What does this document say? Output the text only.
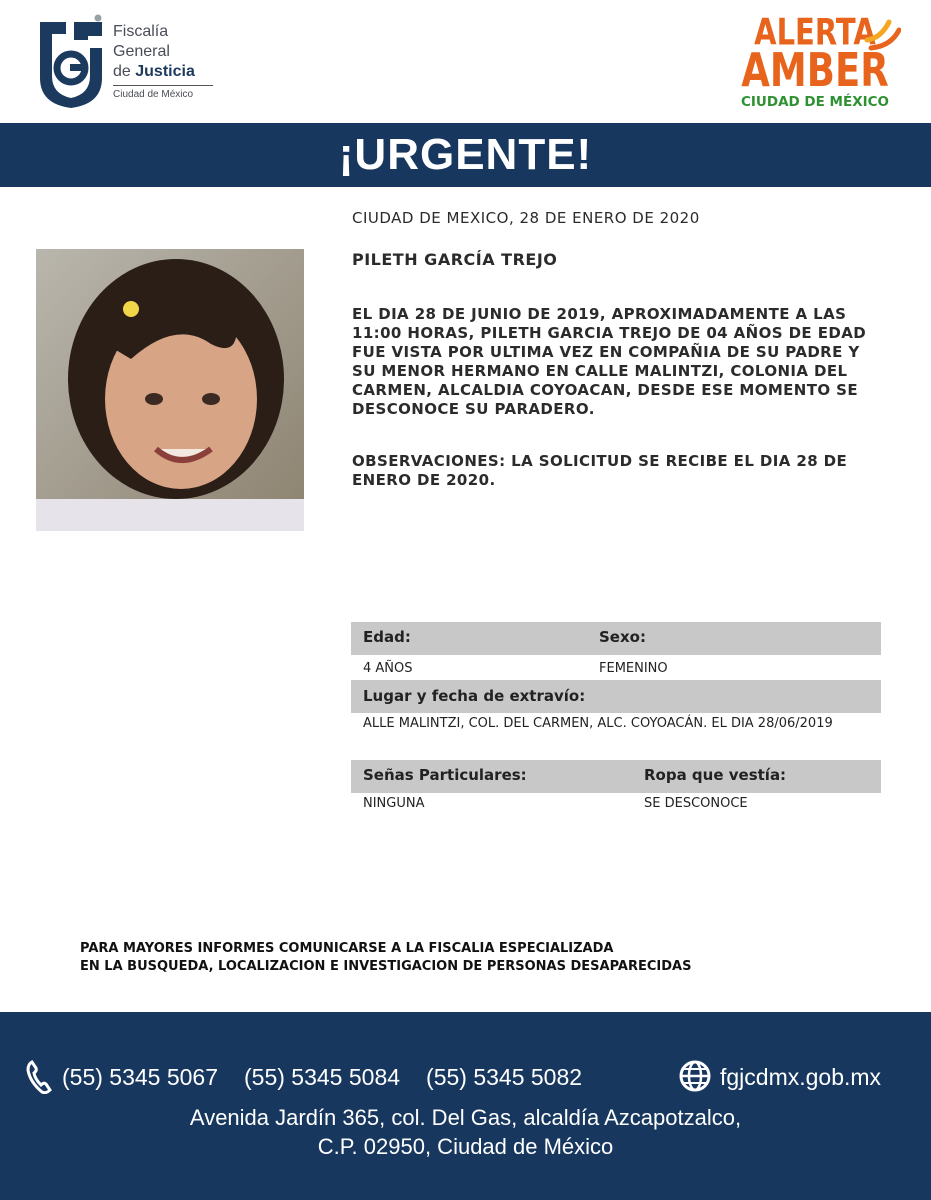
Fiscalía
General
de Justicia
Ciudad de México
ALERTA
AMBER
CIUDAD DE MÉXICO
¡URGENTE!
CIUDAD DE MEXICO, 28 DE ENERO DE 2020
PILETH GARCÍA TREJO
EL DIA 28 DE JUNIO DE 2019, APROXIMADAMENTE A LAS 11:00 HORAS, PILETH GARCIA TREJO DE 04 AÑOS DE EDAD FUE VISTA POR ULTIMA VEZ EN COMPAÑIA DE SU PADRE Y SU MENOR HERMANO EN CALLE MALINTZI, COLONIA DEL CARMEN, ALCALDIA COYOACAN, DESDE ESE MOMENTO SE DESCONOCE SU PARADERO.
OBSERVACIONES: LA SOLICITUD SE RECIBE EL DIA 28 DE ENERO DE 2020.
Edad:	Sexo:
4 AÑOS	FEMENINO
Lugar y fecha de extravío:
ALLE MALINTZI, COL. DEL CARMEN, ALC. COYOACÁN. EL DIA 28/06/2019
Señas Particulares:	Ropa que vestía:
NINGUNA	SE DESCONOCE
PARA MAYORES INFORMES COMUNICARSE A LA FISCALIA ESPECIALIZADA
EN LA BUSQUEDA, LOCALIZACION E INVESTIGACION DE PERSONAS DESAPARECIDAS
(55) 5345 5067 (55) 5345 5084 (55) 5345 5082	fgjcdmx.gob.mx
Avenida Jardín 365, col. Del Gas, alcaldía Azcapotzalco,
C.P. 02950, Ciudad de México
